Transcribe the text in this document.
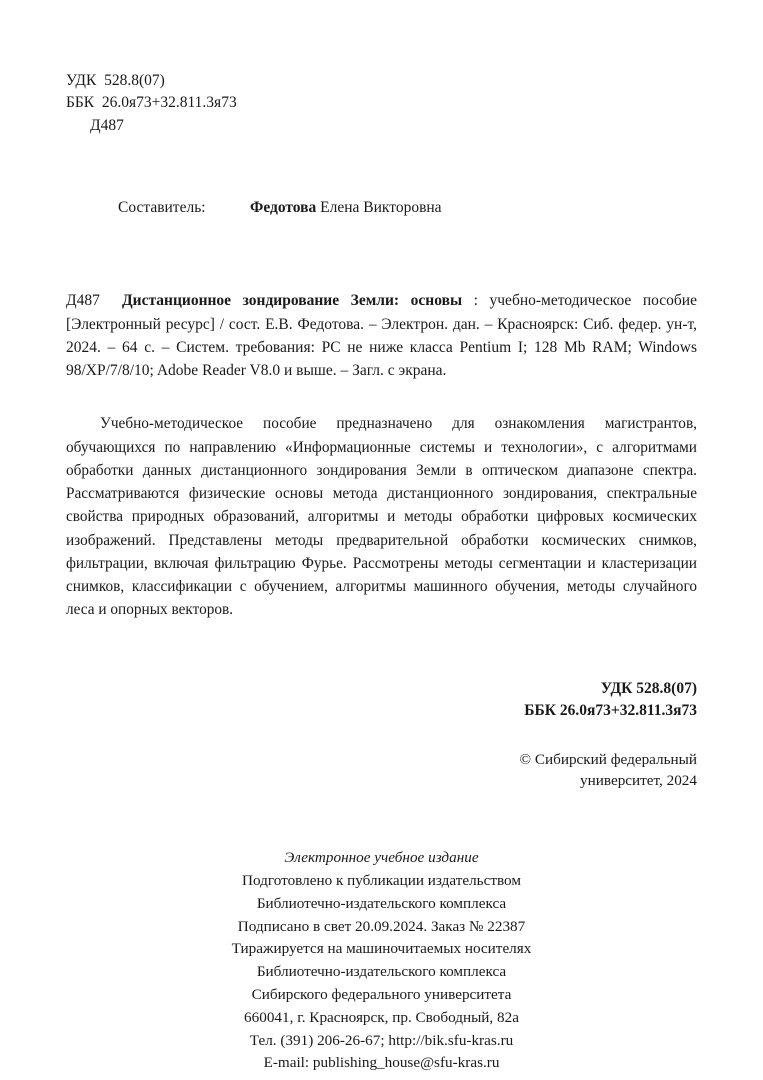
УДК  528.8(07)
ББК  26.0я73+32.811.3я73
Д487
Составитель:	Федотова Елена Викторовна
Д487	Дистанционное зондирование Земли: основы : учебно-методическое пособие [Электронный ресурс] / сост. Е.В. Федотова. – Электрон. дан. – Красноярск: Сиб. федер. ун-т, 2024. – 64 с. – Систем. требования: PC не ниже класса Pentium I; 128 Mb RAM; Windows 98/XP/7/8/10; Adobe Reader V8.0 и выше. – Загл. с экрана.
Учебно-методическое пособие предназначено для ознакомления магистрантов, обучающихся по направлению «Информационные системы и технологии», с алгоритмами обработки данных дистанционного зондирования Земли в оптическом диапазоне спектра. Рассматриваются физические основы метода дистанционного зондирования, спектральные свойства природных образований, алгоритмы и методы обработки цифровых космических изображений. Представлены методы предварительной обработки космических снимков, фильтрации, включая фильтрацию Фурье. Рассмотрены методы сегментации и кластеризации снимков, классификации с обучением, алгоритмы машинного обучения, методы случайного леса и опорных векторов.
УДК 528.8(07)
ББК 26.0я73+32.811.3я73
© Сибирский федеральный
университет, 2024
Электронное учебное издание
Подготовлено к публикации издательством
Библиотечно-издательского комплекса
Подписано в свет 20.09.2024. Заказ № 22387
Тиражируется на машиночитаемых носителях
Библиотечно-издательского комплекса
Сибирского федерального университета
660041, г. Красноярск, пр. Свободный, 82а
Тел. (391) 206-26-67; http://bik.sfu-kras.ru
E-mail: publishing_house@sfu-kras.ru
